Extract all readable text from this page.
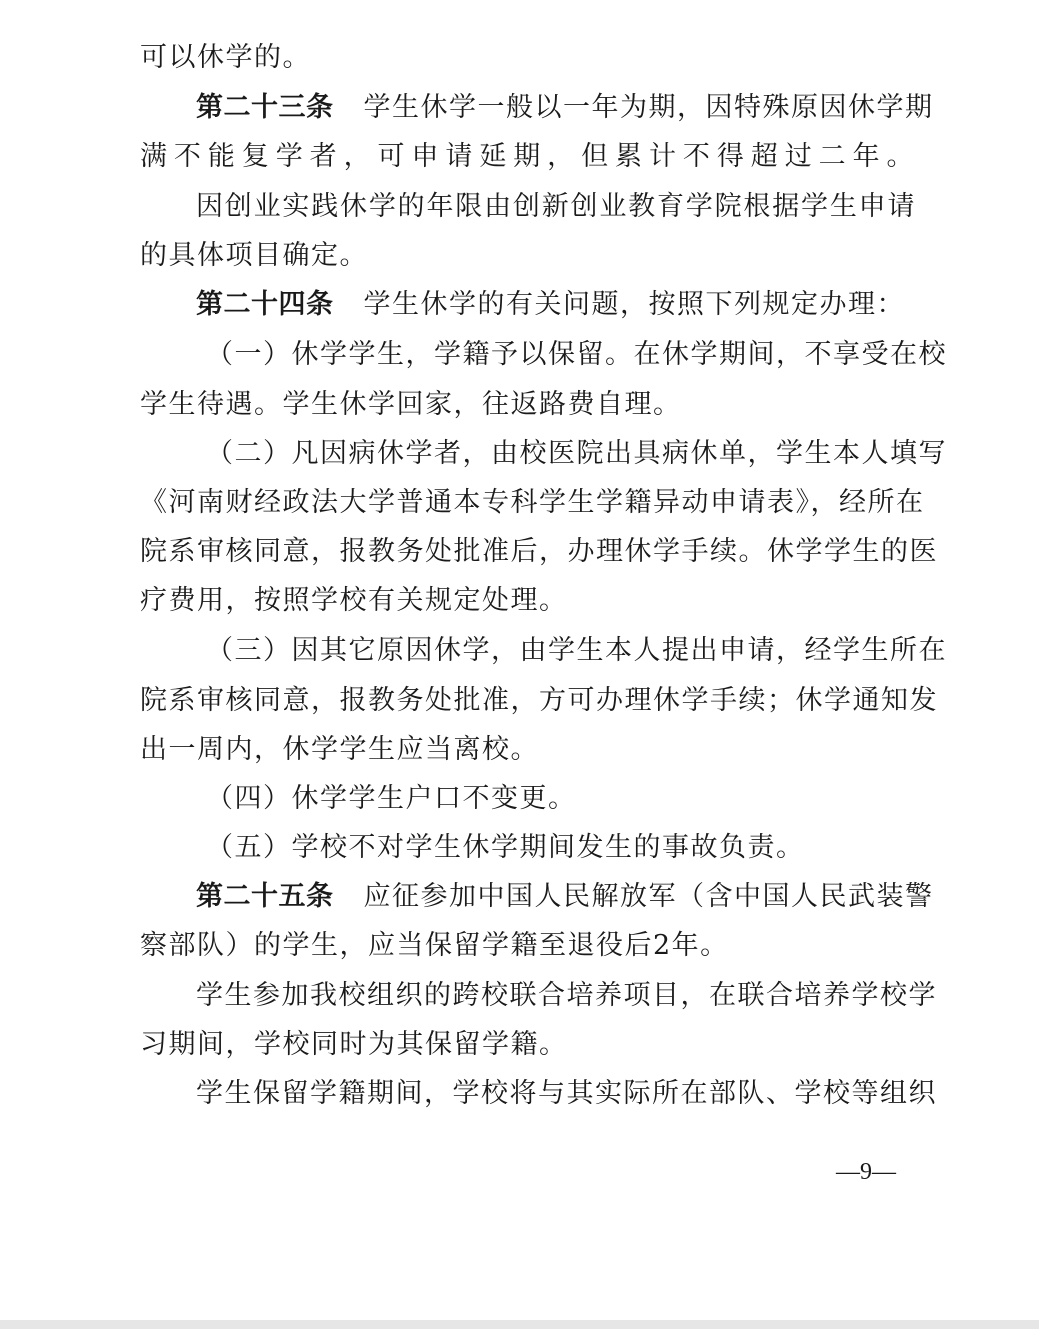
可以休学的。
第二十三条 学生休学一般以一年为期，因特殊原因休学期
满不能复学者，可申请延期，但累计不得超过二年。
因创业实践休学的年限由创新创业教育学院根据学生申请
的具体项目确定。
第二十四条 学生休学的有关问题，按照下列规定办理：
（一）休学学生，学籍予以保留。在休学期间，不享受在校
学生待遇。学生休学回家，往返路费自理。
（二）凡因病休学者，由校医院出具病休单，学生本人填写
《河南财经政法大学普通本专科学生学籍异动申请表》，经所在
院系审核同意，报教务处批准后，办理休学手续。休学学生的医
疗费用，按照学校有关规定处理。
（三）因其它原因休学，由学生本人提出申请，经学生所在
院系审核同意，报教务处批准，方可办理休学手续；休学通知发
出一周内，休学学生应当离校。
（四）休学学生户口不变更。
（五）学校不对学生休学期间发生的事故负责。
第二十五条 应征参加中国人民解放军（含中国人民武装警
察部队）的学生，应当保留学籍至退役后2年。
学生参加我校组织的跨校联合培养项目，在联合培养学校学
习期间，学校同时为其保留学籍。
学生保留学籍期间，学校将与其实际所在部队、学校等组织
—9—
